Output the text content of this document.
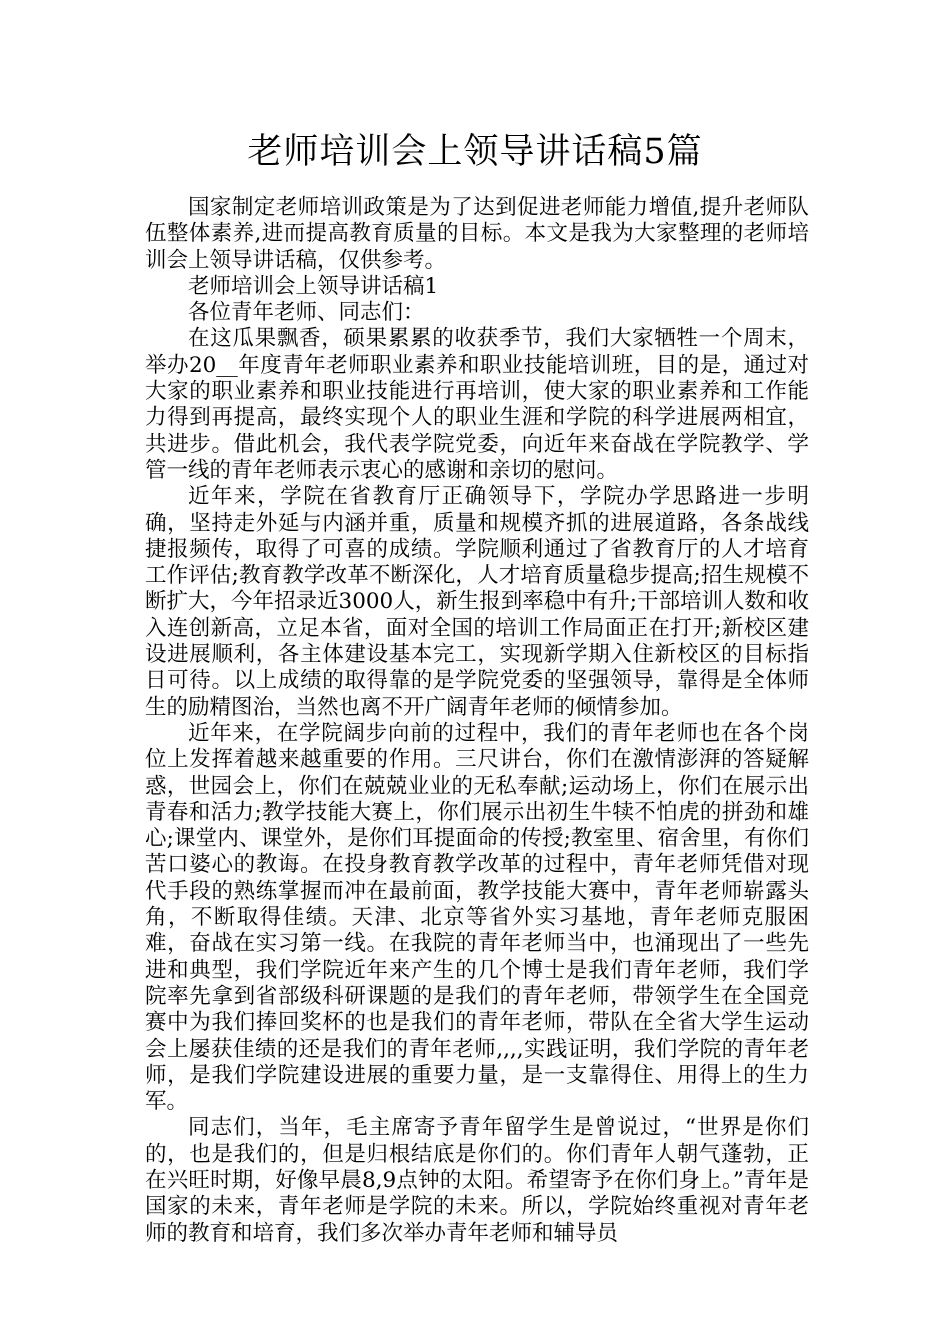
老师培训会上领导讲话稿5篇

国家制定老师培训政策是为了达到促进老师能力增值,提升老师队伍整体素养,进而提高教育质量的目标。本文是我为大家整理的老师培训会上领导讲话稿，仅供参考。

老师培训会上领导讲话稿1

各位青年老师、同志们：

在这瓜果飘香，硕果累累的收获季节，我们大家牺牲一个周末，举办20__年度青年老师职业素养和职业技能培训班，目的是，通过对大家的职业素养和职业技能进行再培训，使大家的职业素养和工作能力得到再提高，最终实现个人的职业生涯和学院的科学进展两相宜，共进步。借此机会，我代表学院党委，向近年来奋战在学院教学、学管一线的青年老师表示衷心的感谢和亲切的慰问。

近年来，学院在省教育厅正确领导下，学院办学思路进一步明确，坚持走外延与内涵并重，质量和规模齐抓的进展道路，各条战线捷报频传，取得了可喜的成绩。学院顺利通过了省教育厅的人才培育工作评估;教育教学改革不断深化，人才培育质量稳步提高;招生规模不断扩大，今年招录近3000人，新生报到率稳中有升;干部培训人数和收入连创新高，立足本省，面对全国的培训工作局面正在打开;新校区建设进展顺利，各主体建设基本完工，实现新学期入住新校区的目标指日可待。以上成绩的取得靠的是学院党委的坚强领导，靠得是全体师生的励精图治，当然也离不开广阔青年老师的倾情参加。

近年来，在学院阔步向前的过程中，我们的青年老师也在各个岗位上发挥着越来越重要的作用。三尺讲台，你们在激情澎湃的答疑解惑，世园会上，你们在兢兢业业的无私奉献;运动场上，你们在展示出青春和活力;教学技能大赛上，你们展示出初生牛犊不怕虎的拼劲和雄心;课堂内、课堂外，是你们耳提面命的传授;教室里、宿舍里，有你们苦口婆心的教诲。在投身教育教学改革的过程中，青年老师凭借对现代手段的熟练掌握而冲在最前面，教学技能大赛中，青年老师崭露头角，不断取得佳绩。天津、北京等省外实习基地，青年老师克服困难，奋战在实习第一线。在我院的青年老师当中，也涌现出了一些先进和典型，我们学院近年来产生的几个博士是我们青年老师，我们学院率先拿到省部级科研课题的是我们的青年老师，带领学生在全国竞赛中为我们捧回奖杯的也是我们的青年老师，带队在全省大学生运动会上屡获佳绩的还是我们的青年老师,,,,实践证明，我们学院的青年老师，是我们学院建设进展的重要力量，是一支靠得住、用得上的生力军。

同志们，当年，毛主席寄予青年留学生是曾说过，“世界是你们的，也是我们的，但是归根结底是你们的。你们青年人朝气蓬勃，正在兴旺时期，好像早晨8,9点钟的太阳。希望寄予在你们身上。”青年是国家的未来，青年老师是学院的未来。所以，学院始终重视对青年老师的教育和培育，我们多次举办青年老师和辅导员
